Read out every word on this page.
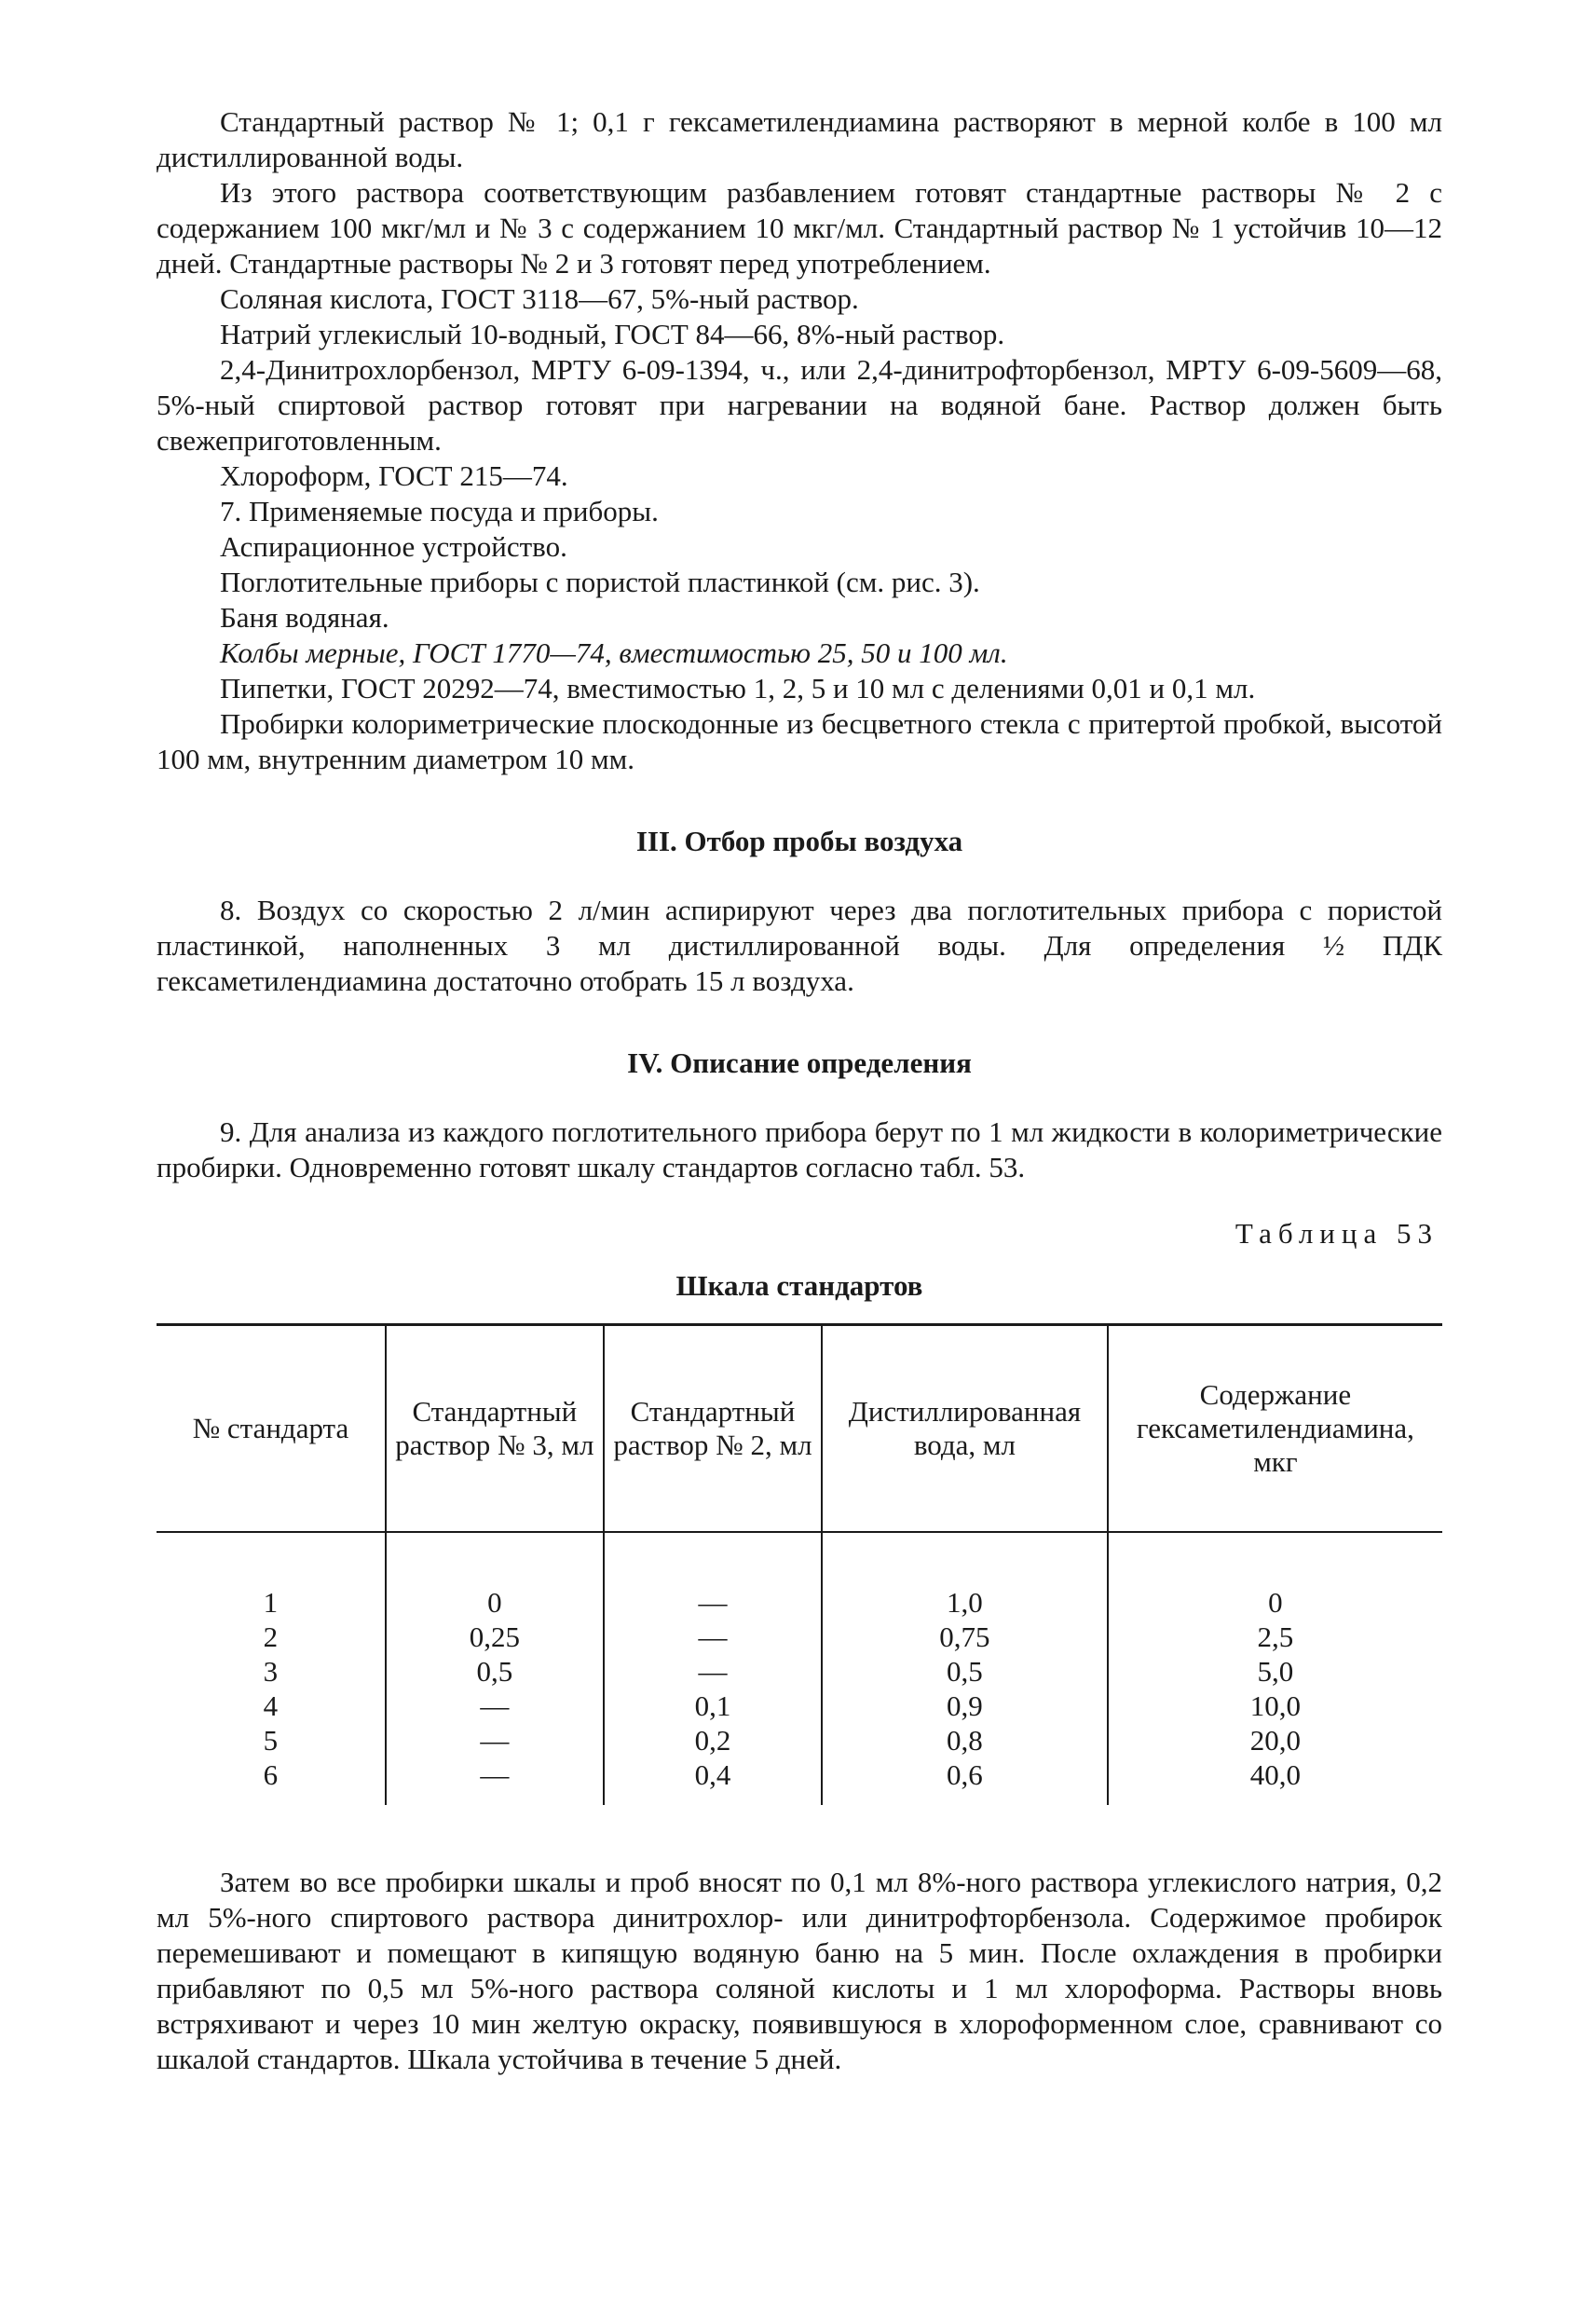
Стандартный раствор № 1; 0,1 г гексаметилендиамина растворяют в мерной колбе в 100 мл дистиллированной воды.

Из этого раствора соответствующим разбавлением готовят стандартные растворы № 2 с содержанием 100 мкг/мл и № 3 с содержанием 10 мкг/мл. Стандартный раствор № 1 устойчив 10—12 дней. Стандартные растворы № 2 и 3 готовят перед употреблением.

Соляная кислота, ГОСТ 3118—67, 5%-ный раствор.

Натрий углекислый 10-водный, ГОСТ 84—66, 8%-ный раствор.

2,4-Динитрохлорбензол, МРТУ 6-09-1394, ч., или 2,4-динитрофторбензол, МРТУ 6-09-5609—68, 5%-ный спиртовой раствор готовят при нагревании на водяной бане. Раствор должен быть свежеприготовленным.

Хлороформ, ГОСТ 215—74.

7. Применяемые посуда и приборы.

Аспирационное устройство.

Поглотительные приборы с пористой пластинкой (см. рис. 3).

Баня водяная.

Колбы мерные, ГОСТ 1770—74, вместимостью 25, 50 и 100 мл.

Пипетки, ГОСТ 20292—74, вместимостью 1, 2, 5 и 10 мл с делениями 0,01 и 0,1 мл.

Пробирки колориметрические плоскодонные из бесцветного стекла с притертой пробкой, высотой 100 мм, внутренним диаметром 10 мм.

III. Отбор пробы воздуха

8. Воздух со скоростью 2 л/мин аспирируют через два поглотительных прибора с пористой пластинкой, наполненных 3 мл дистиллированной воды. Для определения ½ ПДК гексаметилендиамина достаточно отобрать 15 л воздуха.

IV. Описание определения

9. Для анализа из каждого поглотительного прибора берут по 1 мл жидкости в колориметрические пробирки. Одновременно готовят шкалу стандартов согласно табл. 53.

Таблица 53
Шкала стандартов
№ стандарта	Стандартный раствор № 3, мл	Стандартный раствор № 2, мл	Дистиллированная вода, мл	Содержание гексаметилендиамина, мкг
1	0	—	1,0	0
2	0,25	—	0,75	2,5
3	0,5	—	0,5	5,0
4	—	0,1	0,9	10,0
5	—	0,2	0,8	20,0
6	—	0,4	0,6	40,0

Затем во все пробирки шкалы и проб вносят по 0,1 мл 8%-ного раствора углекислого натрия, 0,2 мл 5%-ного спиртового раствора динитрохлор- или динитрофторбензола. Содержимое пробирок перемешивают и помещают в кипящую водяную баню на 5 мин. После охлаждения в пробирки прибавляют по 0,5 мл 5%-ного раствора соляной кислоты и 1 мл хлороформа. Растворы вновь встряхивают и через 10 мин желтую окраску, появившуюся в хлороформенном слое, сравнивают со шкалой стандартов. Шкала устойчива в течение 5 дней.
